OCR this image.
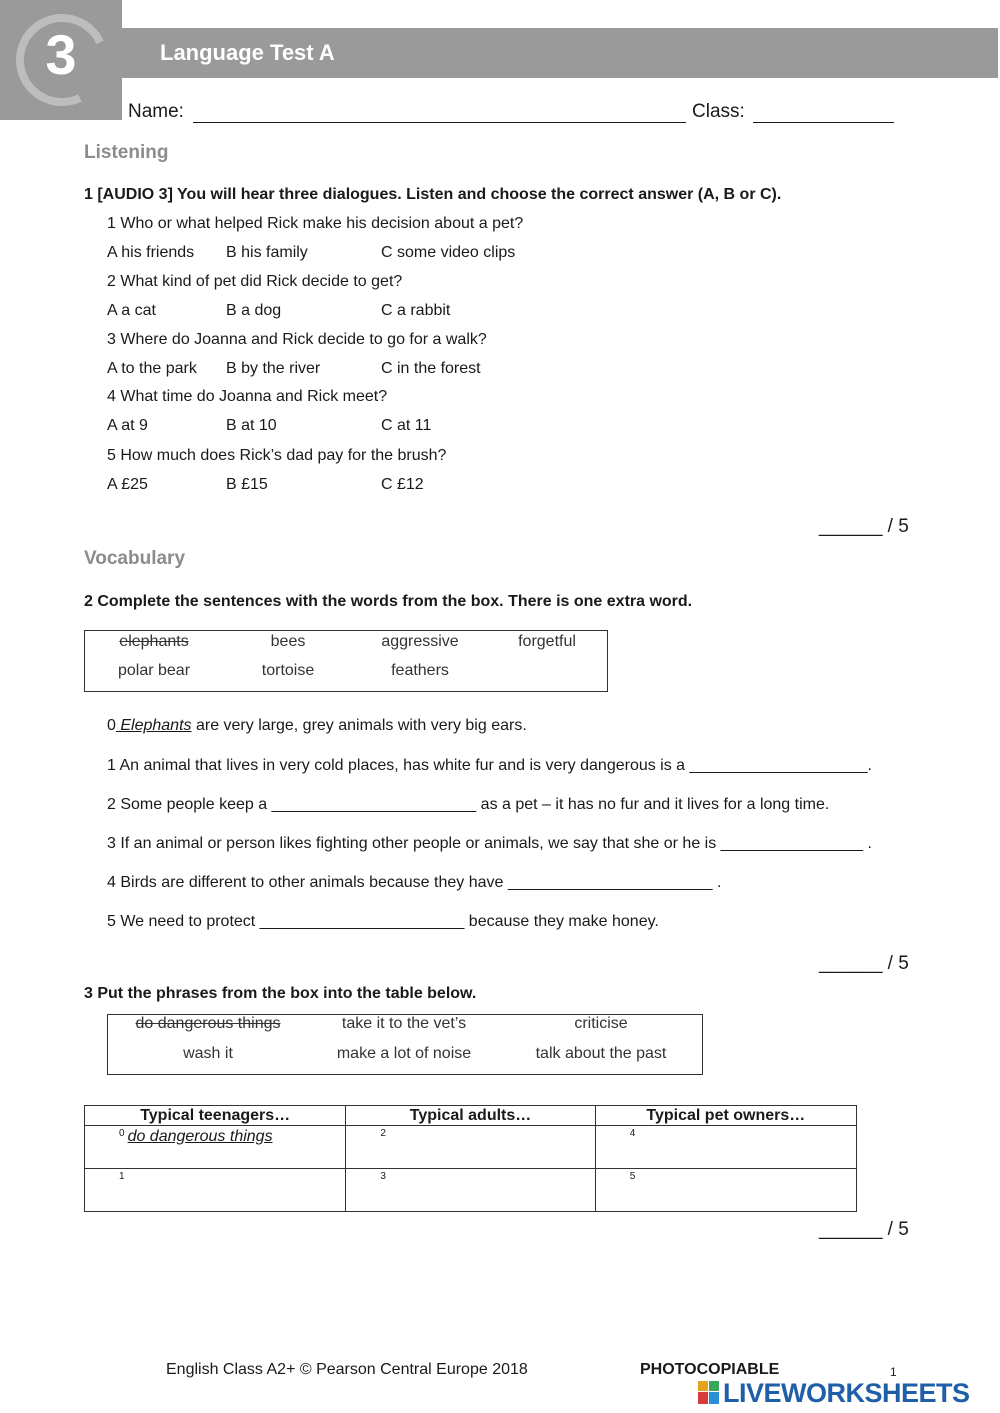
3	Language Test A
Name:	Class:
Listening
1 [AUDIO 3] You will hear three dialogues. Listen and choose the correct answer (A, B or C).
1 Who or what helped Rick make his decision about a pet?
A his friends B his family	C some video clips
2 What kind of pet did Rick decide to get?
A a cat	B a dog	C a rabbit
3 Where do Joanna and Rick decide to go for a walk?
A to the park B by the river	C in the forest
4 What time do Joanna and Rick meet?
A at 9	B at 10	C at 11
5 How much does Rick’s dad pay for the brush?
A £25	B £15	C £12
______ / 5
Vocabulary
2 Complete the sentences with the words from the box. There is one extra word.
elephants	bees	aggressive	forgetful
polar bear	tortoise	feathers
0 Elephants are very large, grey animals with very big ears.
1 An animal that lives in very cold places, has white fur and is very dangerous is a ____________________.
2 Some people keep a _______________________ as a pet – it has no fur and it lives for a long time.
3 If an animal or person likes fighting other people or animals, we say that she or he is ________________ .
4 Birds are different to other animals because they have _______________________ .
5 We need to protect _______________________ because they make honey.
______ / 5
3 Put the phrases from the box into the table below.
do dangerous things	take it to the vet’s	criticise
wash it	make a lot of noise	talk about the past
Typical teenagers…	Typical adults…	Typical pet owners…
$^0$ do dangerous things	$^2$	$^4$
$^1$	$^3$	$^5$
______ / 5
English Class A2+ © Pearson Central Europe 2018	PHOTOCOPIABLE	1
LIVEWORKSHEETS
